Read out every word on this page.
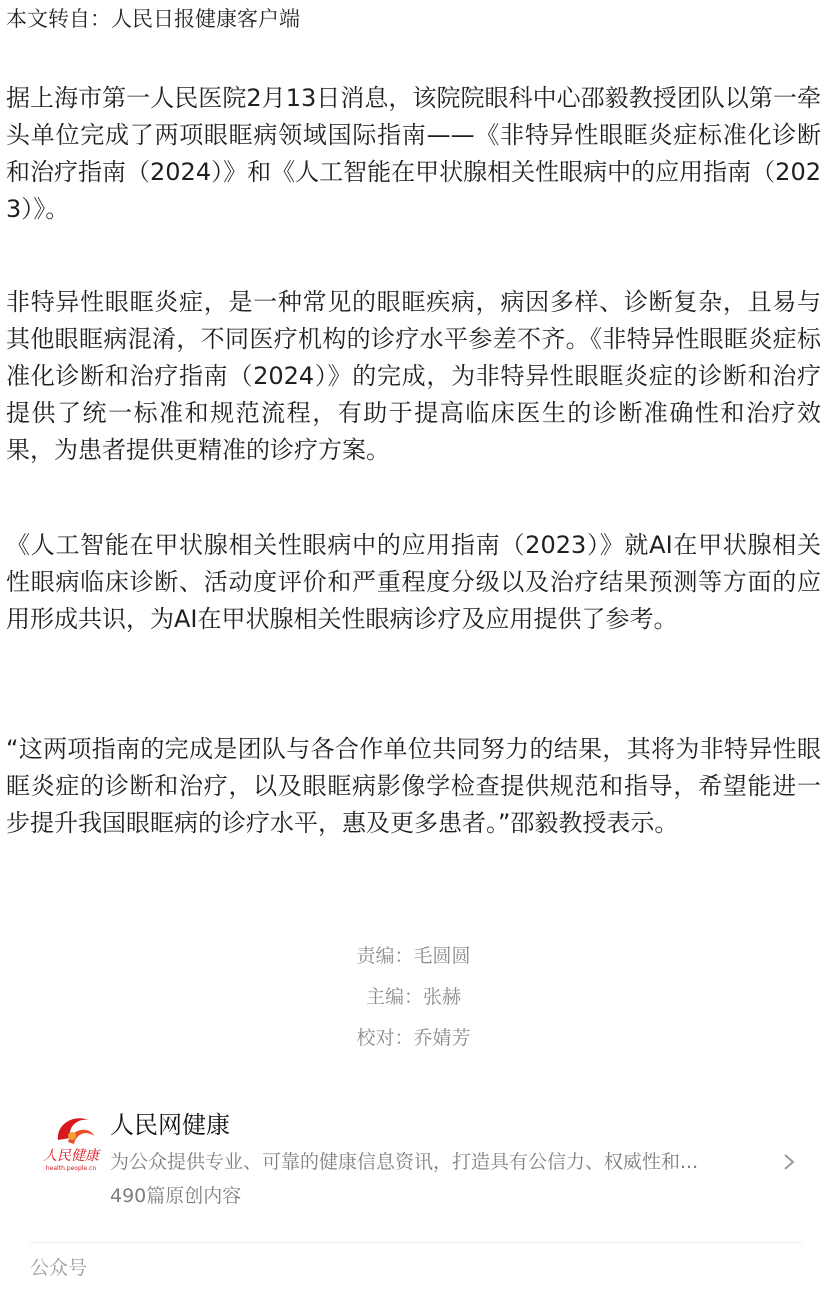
本文转自：人民日报健康客户端

据上海市第一人民医院2月13日消息，该院院眼科中心邵毅教授团队以第一牵头单位完成了两项眼眶病领域国际指南——《非特异性眼眶炎症标准化诊断和治疗指南（2024）》和《人工智能在甲状腺相关性眼病中的应用指南（2023）》。

非特异性眼眶炎症，是一种常见的眼眶疾病，病因多样、诊断复杂，且易与其他眼眶病混淆，不同医疗机构的诊疗水平参差不齐。《非特异性眼眶炎症标准化诊断和治疗指南（2024）》的完成，为非特异性眼眶炎症的诊断和治疗提供了统一标准和规范流程，有助于提高临床医生的诊断准确性和治疗效果，为患者提供更精准的诊疗方案。

《人工智能在甲状腺相关性眼病中的应用指南（2023）》就AI在甲状腺相关性眼病临床诊断、活动度评价和严重程度分级以及治疗结果预测等方面的应用形成共识，为AI在甲状腺相关性眼病诊疗及应用提供了参考。

“这两项指南的完成是团队与各合作单位共同努力的结果，其将为非特异性眼眶炎症的诊断和治疗，以及眼眶病影像学检查提供规范和指导，希望能进一步提升我国眼眶病的诊疗水平，惠及更多患者。”邵毅教授表示。

责编：毛圆圆
主编：张赫
校对：乔婧芳
人民健康
health.people.cn
人民网健康
为公众提供专业、可靠的健康信息资讯，打造具有公信力、权威性和...
490篇原创内容
公众号
